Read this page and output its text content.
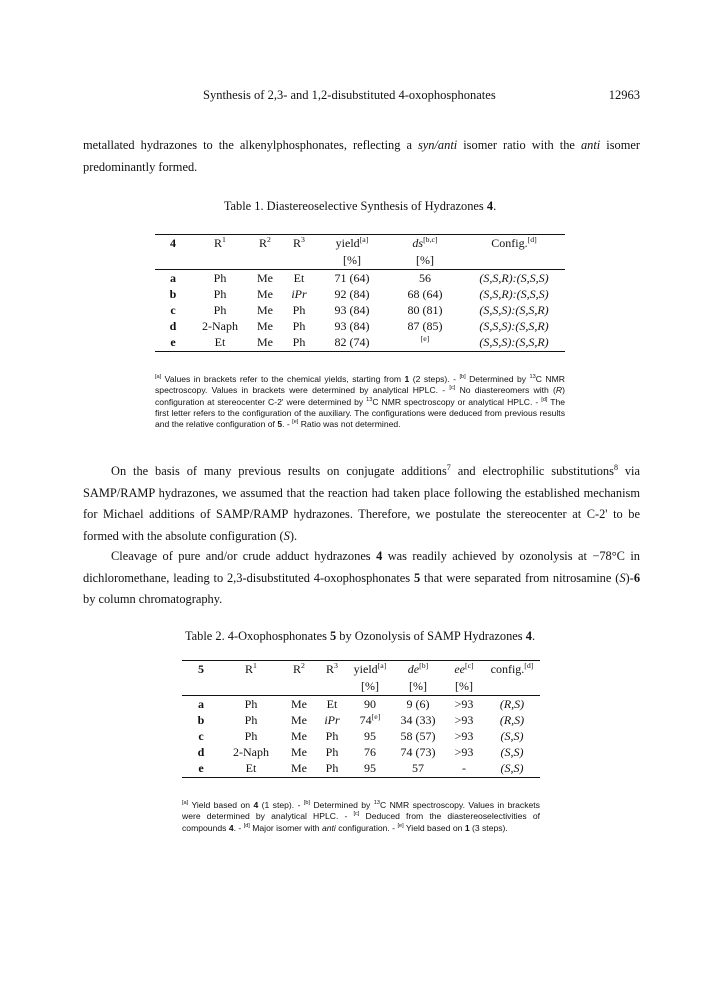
Synthesis of 2,3- and 1,2-disubstituted 4-oxophosphonates	12963
metallated hydrazones to the alkenylphosphonates, reflecting a syn/anti isomer ratio with the anti isomer predominantly formed.
Table 1. Diastereoselective Synthesis of Hydrazones 4.
4	$R^1$	$R^2$	$R^3$	yield[a]	ds[b,c]	Config.[d]
				[%]	[%]	
a	Ph	Me	Et	71 (64)	56	(S,S,R):(S,S,S)
b	Ph	Me	iPr	92 (84)	68 (64)	(S,S,R):(S,S,S)
c	Ph	Me	Ph	93 (84)	80 (81)	(S,S,S):(S,S,R)
d	2-Naph	Me	Ph	93 (84)	87 (85)	(S,S,S):(S,S,R)
e	Et	Me	Ph	82 (74)	[e]	(S,S,S):(S,S,R)
[a] Values in brackets refer to the chemical yields, starting from 1 (2 steps). - [b] Determined by $^{13}$C NMR spectroscopy. Values in brackets were determined by analytical HPLC. - [c] No diastereomers with (R) configuration at stereocenter C-2' were determined by $^{13}$C NMR spectroscopy or analytical HPLC. - [d] The first letter refers to the configuration of the auxiliary. The configurations were deduced from previous results and the relative configuration of 5. - [e] Ratio was not determined.
On the basis of many previous results on conjugate additions$^7$ and electrophilic substitutions$^8$ via SAMP/RAMP hydrazones, we assumed that the reaction had taken place following the established mechanism for Michael additions of SAMP/RAMP hydrazones. Therefore, we postulate the stereocenter at C-2' to be formed with the absolute configuration (S).
Cleavage of pure and/or crude adduct hydrazones 4 was readily achieved by ozonolysis at −78°C in dichloromethane, leading to 2,3-disubstituted 4-oxophosphonates 5 that were separated from nitrosamine (S)-6 by column chromatography.
Table 2. 4-Oxophosphonates 5 by Ozonolysis of SAMP Hydrazones 4.
5	$R^1$	$R^2$	$R^3$	yield[a]	de[b]	ee[c]	config.[d]
				[%]	[%]	[%]	
a	Ph	Me	Et	90	9 (6)	>93	(R,S)
b	Ph	Me	iPr	74[e]	34 (33)	>93	(R,S)
c	Ph	Me	Ph	95	58 (57)	>93	(S,S)
d	2-Naph	Me	Ph	76	74 (73)	>93	(S,S)
e	Et	Me	Ph	95	57	-	(S,S)
[a] Yield based on 4 (1 step). - [b] Determined by $^{13}$C NMR spectroscopy. Values in brackets were determined by analytical HPLC. - [c] Deduced from the diastereoselectivities of compounds 4. - [d] Major isomer with anti configuration. - [e] Yield based on 1 (3 steps).
